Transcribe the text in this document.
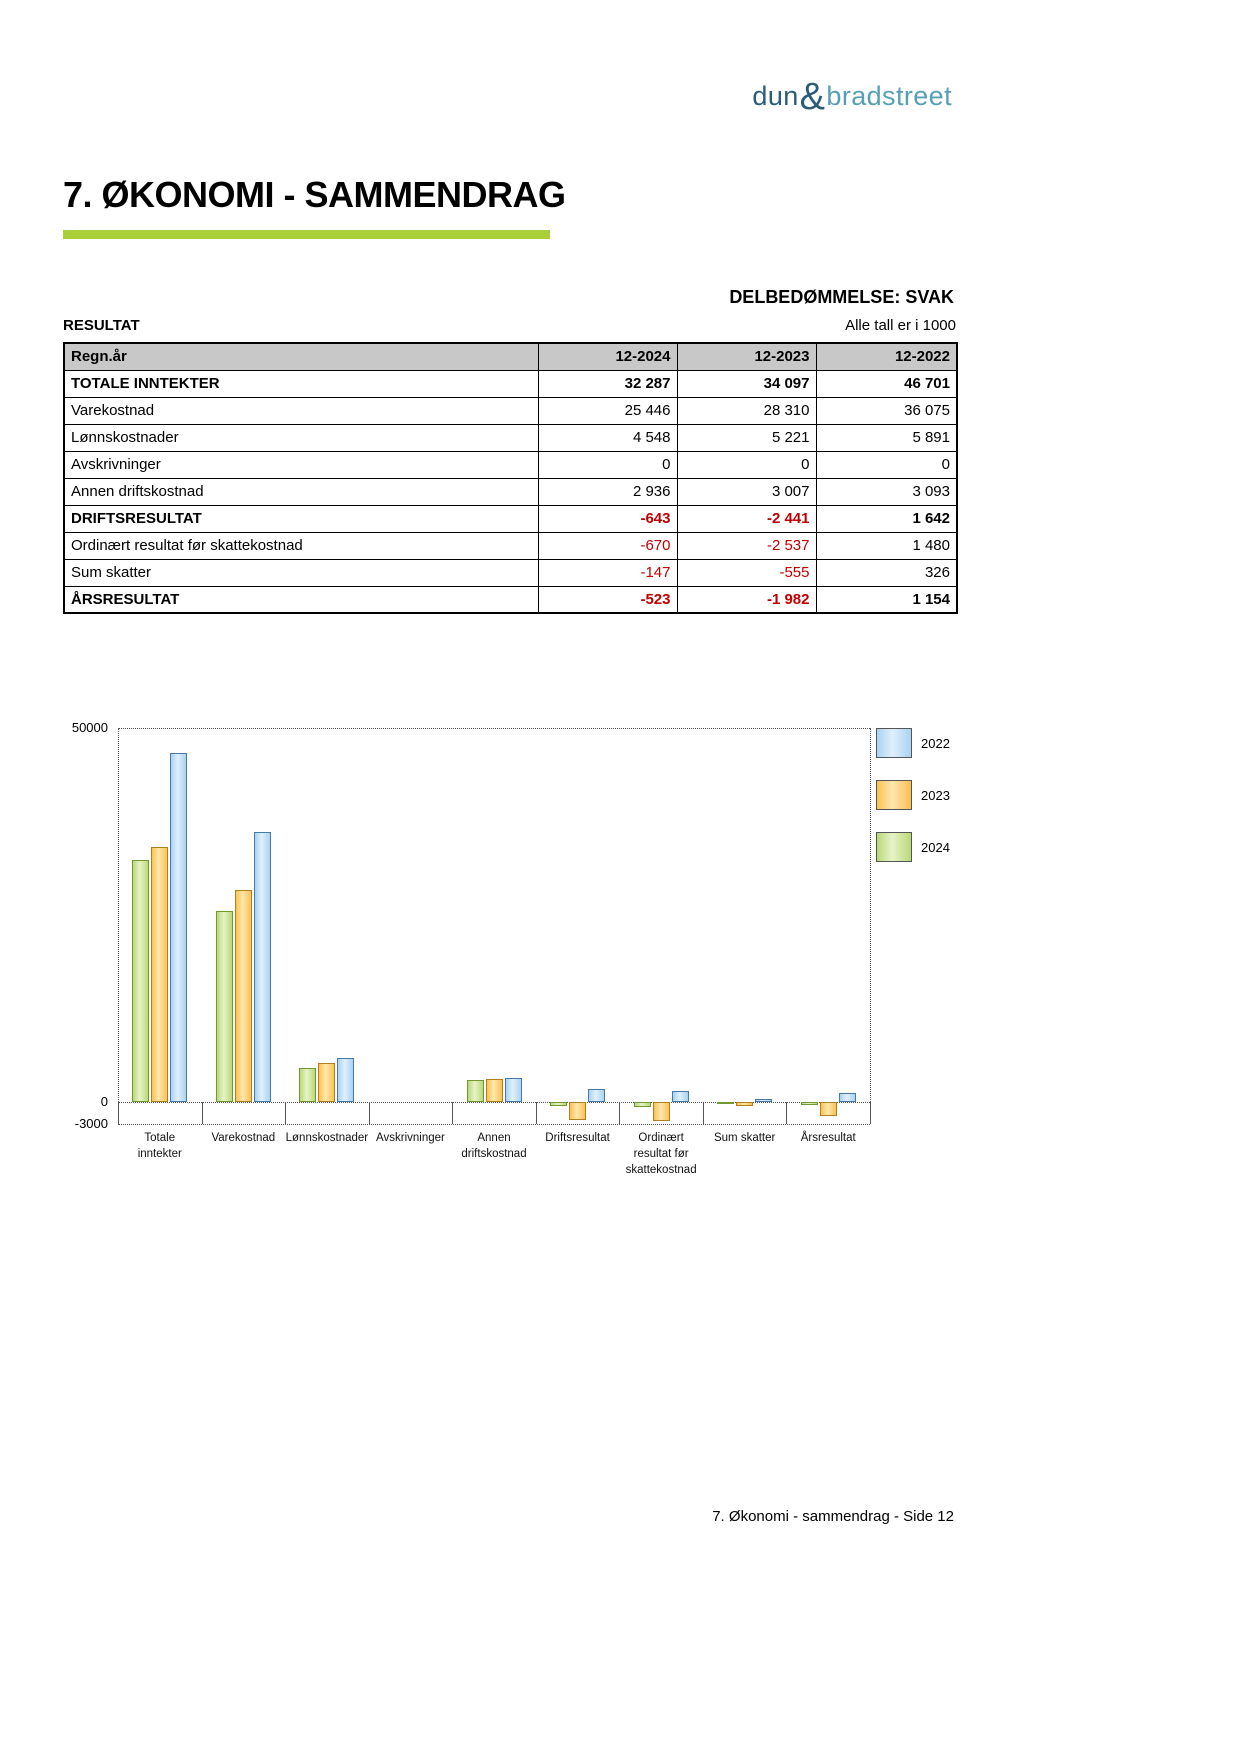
dun&bradstreet
7. ØKONOMI - SAMMENDRAG
DELBEDØMMELSE: SVAK
RESULTAT	Alle tall er i 1000
Regn.år	12-2024	12-2023	12-2022
TOTALE INNTEKTER	32 287	34 097	46 701
Varekostnad	25 446	28 310	36 075
Lønnskostnader	4 548	5 221	5 891
Avskrivninger	0	0	0
Annen driftskostnad	2 936	3 007	3 093
DRIFTSRESULTAT	-643	-2 441	1 642
Ordinært resultat før skattekostnad	-670	-2 537	1 480
Sum skatter	-147	-555	326
ÅRSRESULTAT	-523	-1 982	1 154
50000
0
-3000
Totale
inntekter
Varekostnad Lønnskostnader Avskrivninger	Annen
driftskostnad
Driftsresultat	Ordinært
resultat før
skattekostnad
Sum skatter Årsresultat
2022
2023
2024
7. Økonomi - sammendrag - Side 12
